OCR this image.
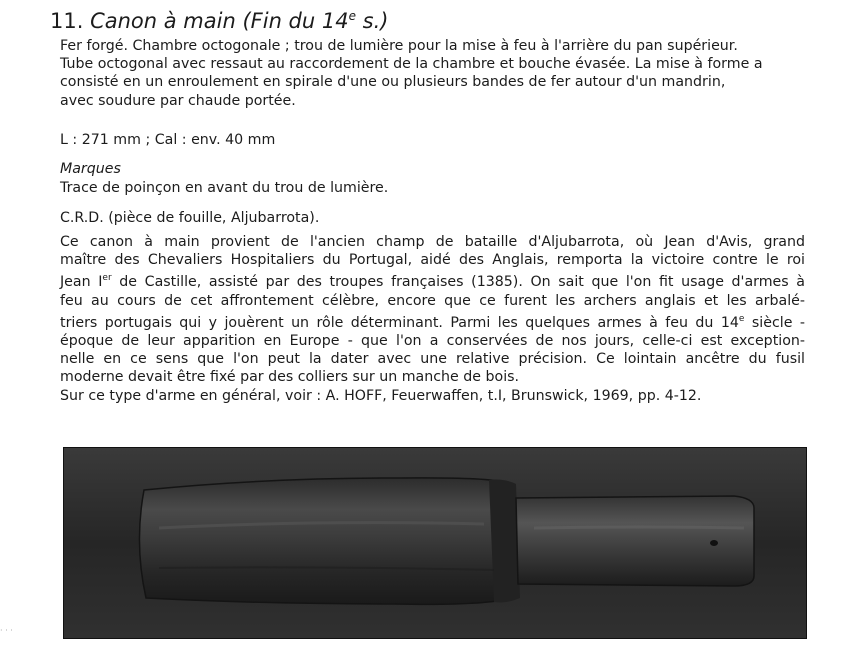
11. Canon à main (Fin du 14e s.)
Fer forgé. Chambre octogonale ; trou de lumière pour la mise à feu à l'arrière du pan supérieur.
Tube octogonal avec ressaut au raccordement de la chambre et bouche évasée. La mise à forme a
consisté en un enroulement en spirale d'une ou plusieurs bandes de fer autour d'un mandrin,
avec soudure par chaude portée.
L : 271 mm ; Cal : env. 40 mm
Marques
Trace de poinçon en avant du trou de lumière.
C.R.D. (pièce de fouille, Aljubarrota).
Ce canon à main provient de l'ancien champ de bataille d'Aljubarrota, où Jean d'Avis, grand
maître des Chevaliers Hospitaliers du Portugal, aidé des Anglais, remporta la victoire contre le roi
Jean Ier de Castille, assisté par des troupes françaises (1385). On sait que l'on fit usage d'armes à
feu au cours de cet affrontement célèbre, encore que ce furent les archers anglais et les arbalé-
triers portugais qui y jouèrent un rôle déterminant. Parmi les quelques armes à feu du 14e siècle -
époque de leur apparition en Europe - que l'on a conservées de nos jours, celle-ci est exception-
nelle en ce sens que l'on peut la dater avec une relative précision. Ce lointain ancêtre du fusil
moderne devait être fixé par des colliers sur un manche de bois.
Sur ce type d'arme en général, voir : A. HOFF, Feuerwaffen, t.I, Brunswick, 1969, pp. 4-12.
· · ·
